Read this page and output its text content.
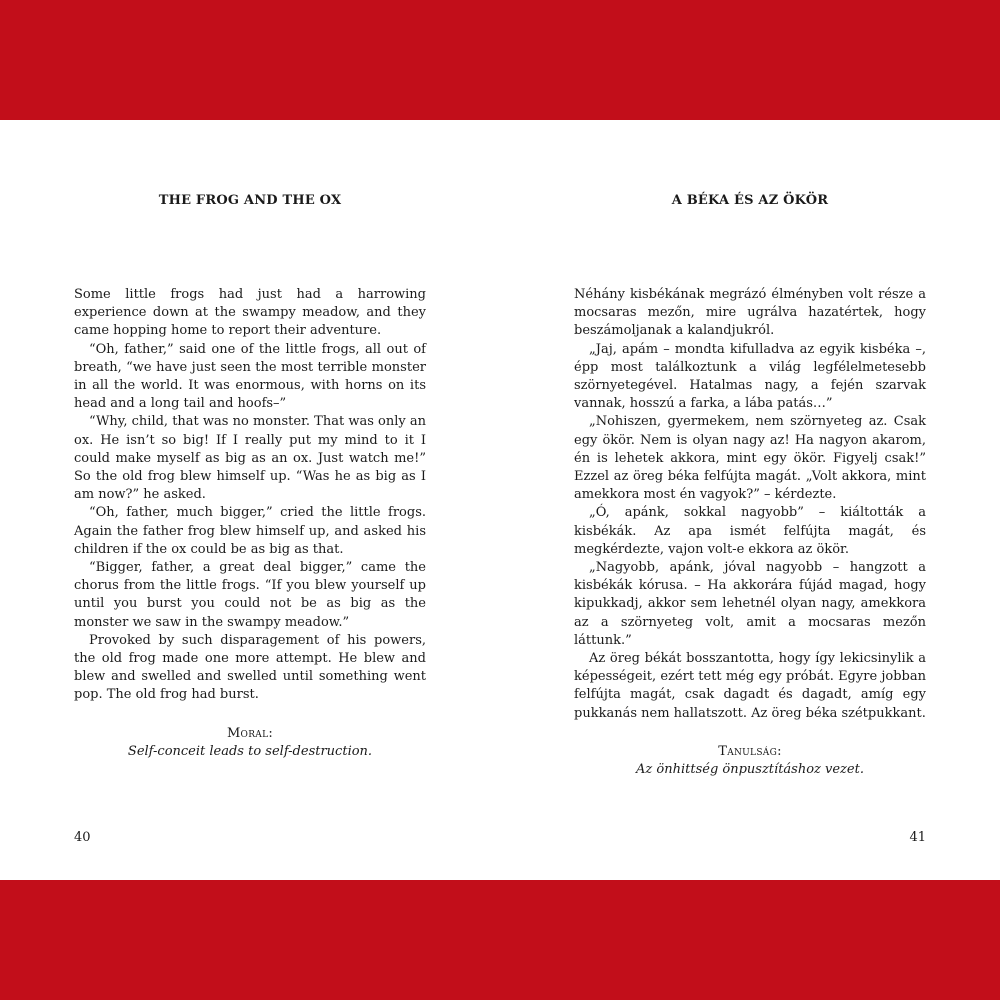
THE FROG AND THE OX

Some little frogs had just had a harrowing experience down at the swampy meadow, and they came hopping home to report their adventure.

“Oh, father,” said one of the little frogs, all out of breath, “we have just seen the most terrible monster in all the world. It was enormous, with horns on its head and a long tail and hoofs–”

“Why, child, that was no monster. That was only an ox. He isn’t so big! If I really put my mind to it I could make myself as big as an ox. Just watch me!” So the old frog blew himself up. “Was he as big as I am now?” he asked.

“Oh, father, much bigger,” cried the little frogs. Again the father frog blew himself up, and asked his children if the ox could be as big as that.

“Bigger, father, a great deal bigger,” came the chorus from the little frogs. “If you blew yourself up until you burst you could not be as big as the monster we saw in the swampy meadow.”

Provoked by such disparagement of his powers, the old frog made one more attempt. He blew and blew and swelled and swelled until something went pop. The old frog had burst.

Moral:
Self-conceit leads to self-destruction.
40
A BÉKA ÉS AZ ÖKÖR

Néhány kisbékának megrázó élményben volt része a mocsaras mezőn, mire ugrálva hazatértek, hogy beszámoljanak a kalandjukról.

„Jaj, apám – mondta kifulladva az egyik kisbéka –, épp most találkoztunk a világ legfélelmetesebb szörnyetegével. Hatalmas nagy, a fején szarvak vannak, hosszú a farka, a lába patás…”

„Nohiszen, gyermekem, nem szörnyeteg az. Csak egy ökör. Nem is olyan nagy az! Ha nagyon akarom, én is lehetek akkora, mint egy ökör. Figyelj csak!” Ezzel az öreg béka felfújta magát. „Volt akkora, mint amekkora most én vagyok?” – kérdezte.

„Ó, apánk, sokkal nagyobb” – kiáltották a kisbékák. Az apa ismét felfújta magát, és megkérdezte, vajon volt-e ekkora az ökör.

„Nagyobb, apánk, jóval nagyobb – hangzott a kisbékák kórusa. – Ha akkorára fújád magad, hogy kipukkadj, akkor sem lehetnél olyan nagy, amekkora az a szörnyeteg volt, amit a mocsaras mezőn láttunk.”

Az öreg békát bosszantotta, hogy így lekicsinylik a képességeit, ezért tett még egy próbát. Egyre jobban felfújta magát, csak dagadt és dagadt, amíg egy pukkanás nem hallatszott. Az öreg béka szétpukkant.

Tanulság:
Az önhittség önpusztításhoz vezet.
41
